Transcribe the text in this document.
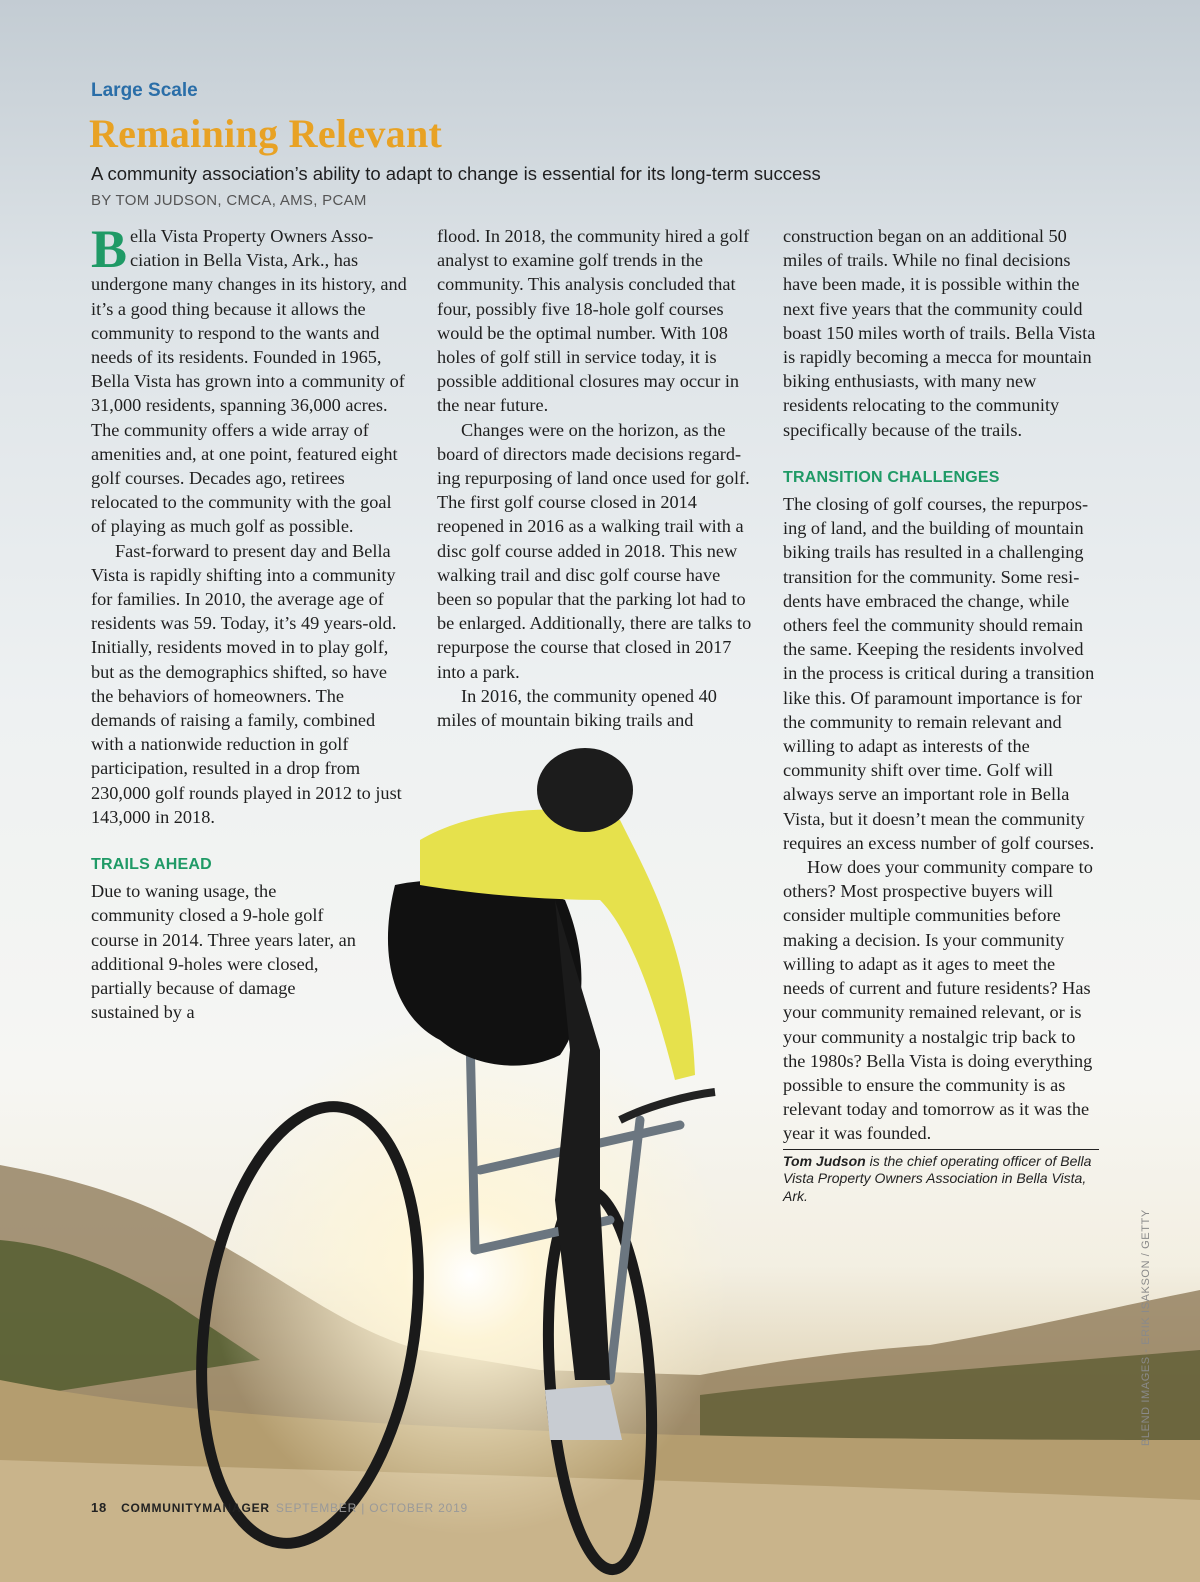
Large Scale
Remaining Relevant

A community association’s ability to adapt to change is essential for its long-term success

BY TOM JUDSON, CMCA, AMS, PCAM

Bella Vista Property Owners Association in Bella Vista, Ark., has undergone many changes in its history, and it’s a good thing because it allows the community to respond to the wants and needs of its residents. Founded in 1965, Bella Vista has grown into a community of 31,000 residents, spanning 36,000 acres. The community offers a wide array of amenities and, at one point, featured eight golf courses. Decades ago, retirees relocated to the community with the goal of playing as much golf as possible.

Fast-forward to present day and Bella Vista is rapidly shifting into a community for families. In 2010, the average age of residents was 59. Today, it’s 49 years-old. Initially, residents moved in to play golf, but as the demographics shifted, so have the behaviors of homeowners. The demands of raising a family, combined with a nationwide reduction in golf participation, resulted in a drop from 230,000 golf rounds played in 2012 to just 143,000 in 2018.

TRAILS AHEAD

Due to waning usage, the community closed a 9-hole golf course in 2014. Three years later, an additional 9-holes were closed, partially because of damage sustained by a

flood. In 2018, the community hired a golf analyst to examine golf trends in the community. This analysis concluded that four, possibly five 18-hole golf courses would be the optimal number. With 108 holes of golf still in service today, it is possible additional closures may occur in the near future.

Changes were on the horizon, as the board of directors made decisions regarding repurposing of land once used for golf. The first golf course closed in 2014 reopened in 2016 as a walking trail with a disc golf course added in 2018. This new walking trail and disc golf course have been so popular that the parking lot had to be enlarged. Additionally, there are talks to repurpose the course that closed in 2017 into a park.

In 2016, the community opened 40 miles of mountain biking trails and

construction began on an additional 50 miles of trails. While no final decisions have been made, it is possible within the next five years that the community could boast 150 miles worth of trails. Bella Vista is rapidly becoming a mecca for mountain biking enthusiasts, with many new residents relocating to the community specifically because of the trails.

TRANSITION CHALLENGES

The closing of golf courses, the repurposing of land, and the building of mountain biking trails has resulted in a challenging transition for the community. Some residents have embraced the change, while others feel the community should remain the same. Keeping the residents involved in the process is critical during a transition like this. Of paramount importance is for the community to remain relevant and willing to adapt as interests of the community shift over time. Golf will always serve an important role in Bella Vista, but it doesn’t mean the community requires an excess number of golf courses.

How does your community compare to others? Most prospective buyers will consider multiple communities before making a decision. Is your community willing to adapt as it ages to meet the needs of current and future residents? Has your community remained relevant, or is your community a nostalgic trip back to the 1980s? Bella Vista is doing everything possible to ensure the community is as relevant today and tomorrow as it was the year it was founded.

Tom Judson is the chief operating officer of Bella Vista Property Owners Association in Bella Vista, Ark.
BLEND IMAGES - ERIK ISAKSON / GETTY
18 COMMUNITYMANAGER SEPTEMBER | OCTOBER 2019
